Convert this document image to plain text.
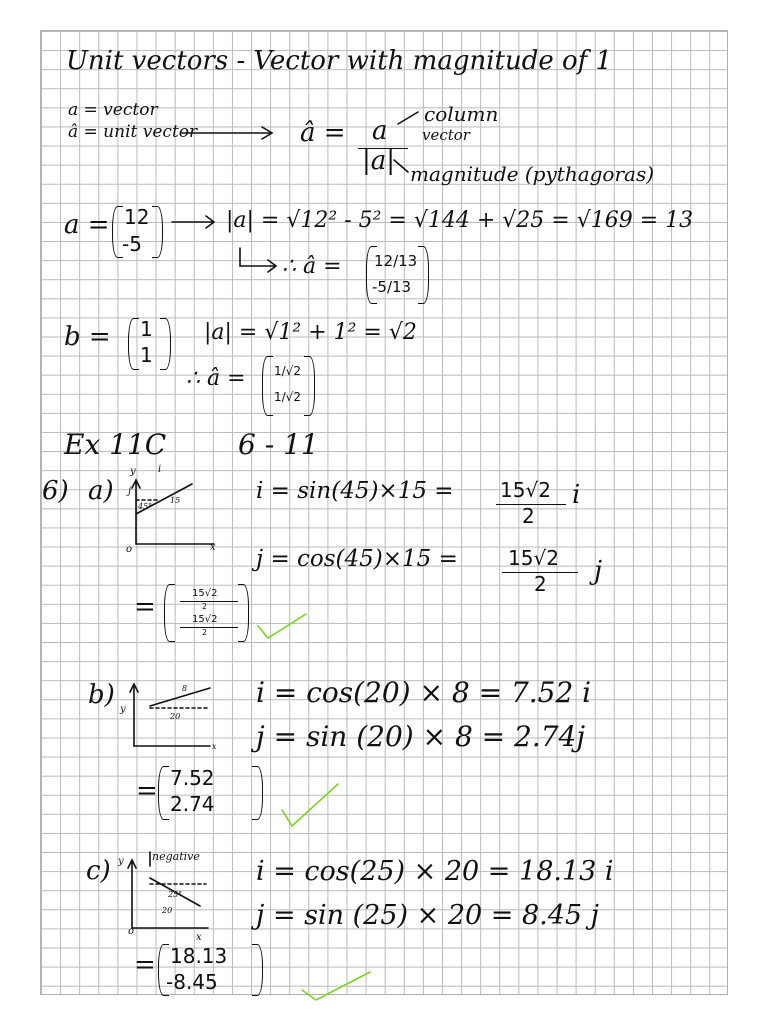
Unit vectors - Vector with magnitude of 1
a = vector
â = unit vector	â = a
|a|
column
vector
magnitude (pythagoras)
a = 12
-5
|a| = √12² - 5² = √144 + √25 = √169 = 13
∴ â = 12/13
-5/13
b = 1
1
|a| = √1² + 1² = √2
∴ â = 1/√2
1/√2
Ex 11C	6 - 11
6) a)
y i
j
45°
15
o	x
i = sin(45)×15 = 15√2
2
i
j = cos(45)×15 =	15√2
2 j
=	15√2
2
15√2
2
b) y
20
8
x
i = cos(20) × 8 = 7.52 i
j = sin (20) × 8 = 2.74j
= 7.52
2.74
c) y	negative
25°
20
o
x
i = cos(25) × 20 = 18.13 i
j = sin (25) × 20 = 8.45 j
= 18.13
-8.45
